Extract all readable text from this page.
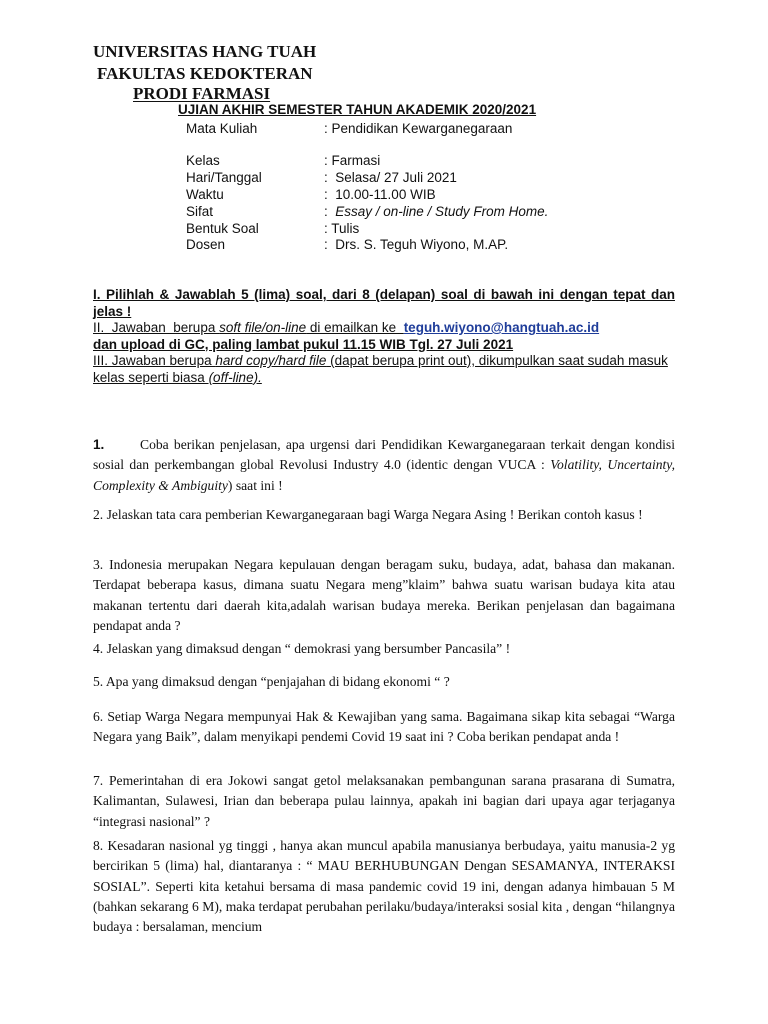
UNIVERSITAS HANG TUAH
FAKULTAS KEDOKTERAN
PRODI FARMASI
UJIAN AKHIR SEMESTER TAHUN AKADEMIK 2020/2021
Mata Kuliah	: Pendidikan Kewarganegaraan
Kelas	: Farmasi
Hari/Tanggal	:  Selasa/ 27 Juli 2021
Waktu	:  10.00-11.00 WIB
Sifat	:  Essay / on-line / Study From Home.
Bentuk Soal	: Tulis
Dosen	:  Drs. S. Teguh Wiyono, M.AP.
I. Pilihlah & Jawablah 5 (lima) soal, dari 8 (delapan) soal di bawah ini dengan tepat dan jelas !
II.  Jawaban  berupa soft file/on-line di emailkan ke  teguh.wiyono@hangtuah.ac.id
dan upload di GC, paling lambat pukul 11.15 WIB Tgl. 27 Juli 2021
III. Jawaban berupa hard copy/hard file (dapat berupa print out), dikumpulkan saat sudah masuk kelas seperti biasa (off-line).
1.	Coba berikan penjelasan, apa urgensi dari Pendidikan Kewarganegaraan terkait dengan kondisi sosial dan perkembangan global Revolusi Industry 4.0 (identic dengan VUCA : Volatility, Uncertainty, Complexity & Ambiguity) saat ini !
2. Jelaskan tata cara pemberian Kewarganegaraan bagi Warga Negara Asing ! Berikan contoh kasus !
3. Indonesia merupakan Negara kepulauan dengan beragam suku, budaya, adat, bahasa dan makanan. Terdapat beberapa kasus, dimana suatu Negara meng”klaim” bahwa suatu warisan budaya kita atau makanan tertentu dari daerah kita,adalah warisan budaya mereka. Berikan penjelasan dan bagaimana pendapat anda ?
4. Jelaskan yang dimaksud dengan “ demokrasi yang bersumber Pancasila” !
5. Apa yang dimaksud dengan “penjajahan di bidang ekonomi “ ?
6. Setiap Warga Negara mempunyai Hak & Kewajiban yang sama. Bagaimana sikap kita sebagai “Warga Negara yang Baik”, dalam menyikapi pendemi Covid 19 saat ini ? Coba berikan pendapat anda !
7. Pemerintahan di era Jokowi sangat getol melaksanakan pembangunan sarana prasarana di Sumatra, Kalimantan, Sulawesi, Irian dan beberapa pulau lainnya, apakah ini bagian dari upaya agar terjaganya “integrasi nasional” ?
8. Kesadaran nasional yg tinggi , hanya akan muncul apabila manusianya berbudaya, yaitu manusia-2 yg bercirikan 5 (lima) hal, diantaranya : “ MAU BERHUBUNGAN Dengan SESAMANYA, INTERAKSI SOSIAL”. Seperti kita ketahui bersama di masa pandemic covid 19 ini, dengan adanya himbauan 5 M (bahkan sekarang 6 M), maka terdapat perubahan perilaku/budaya/interaksi sosial kita , dengan “hilangnya budaya : bersalaman, mencium
